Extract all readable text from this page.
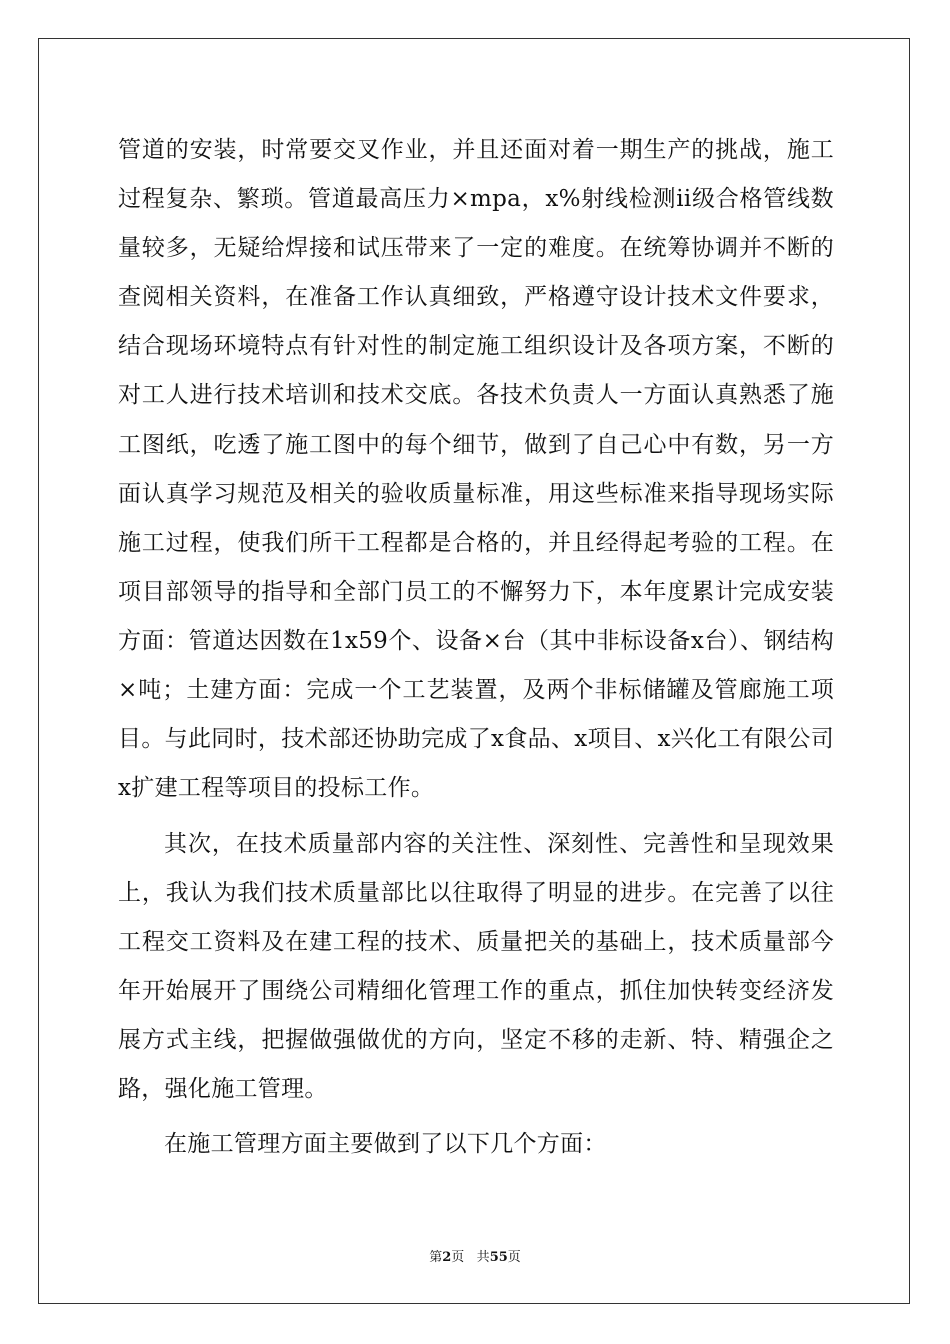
管道的安装，时常要交叉作业，并且还面对着一期生产的挑战，施工过程复杂、繁琐。管道最高压力×mpa，x%射线检测ii级合格管线数量较多，无疑给焊接和试压带来了一定的难度。在统筹协调并不断的查阅相关资料，在准备工作认真细致，严格遵守设计技术文件要求，结合现场环境特点有针对性的制定施工组织设计及各项方案，不断的对工人进行技术培训和技术交底。各技术负责人一方面认真熟悉了施工图纸，吃透了施工图中的每个细节，做到了自己心中有数，另一方面认真学习规范及相关的验收质量标准，用这些标准来指导现场实际施工过程，使我们所干工程都是合格的，并且经得起考验的工程。在项目部领导的指导和全部门员工的不懈努力下，本年度累计完成安装方面：管道达因数在1x59个、设备×台（其中非标设备x台）、钢结构×吨；土建方面：完成一个工艺装置，及两个非标储罐及管廊施工项目。与此同时，技术部还协助完成了x食品、x项目、x兴化工有限公司x扩建工程等项目的投标工作。

其次，在技术质量部内容的关注性、深刻性、完善性和呈现效果上，我认为我们技术质量部比以往取得了明显的进步。在完善了以往工程交工资料及在建工程的技术、质量把关的基础上，技术质量部今年开始展开了围绕公司精细化管理工作的重点，抓住加快转变经济发展方式主线，把握做强做优的方向，坚定不移的走新、特、精强企之路，强化施工管理。

在施工管理方面主要做到了以下几个方面：

第2页 共55页
